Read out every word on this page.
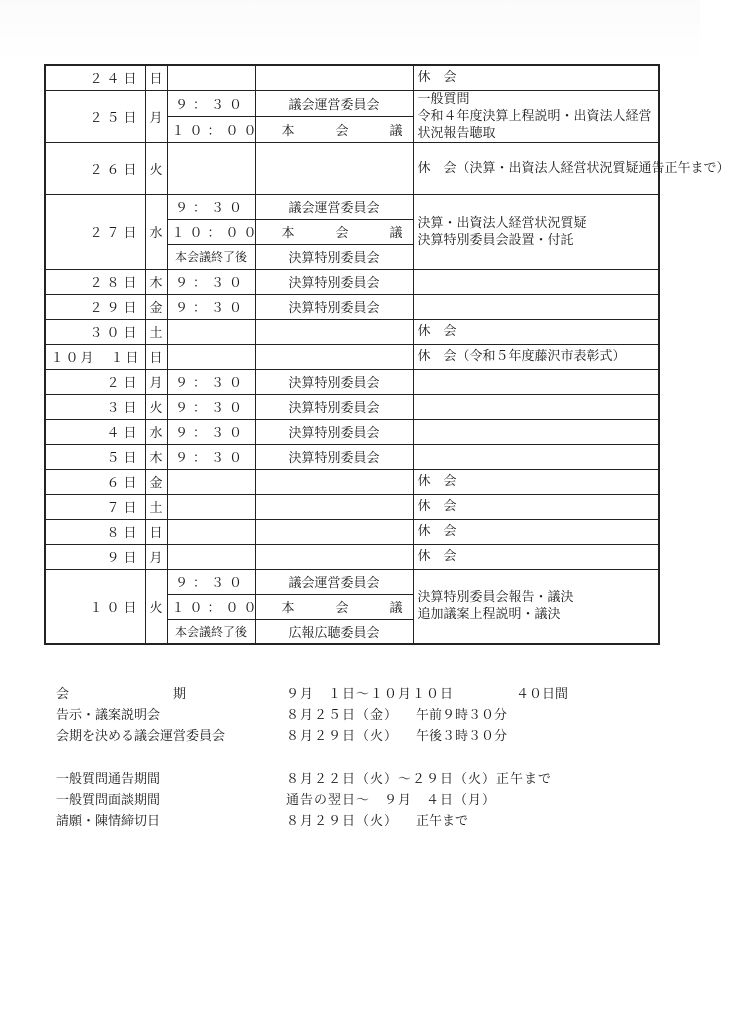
２４日	日			休　会
２５日	月	９：３０	議会運営委員会	一般質問
令和４年度決算上程説明・出資法人経営状況報告聴取

		１０：００	本 会 議	

２６日	火			休　会（決算・出資法人経営状況質疑通告正午まで）
２７日	水	９：３０	議会運営委員会	決算・出資法人経営状況質疑
決算特別委員会設置・付託

		１０：００	本 会 議	

		本会議終了後	決算特別委員会	
２８日	木	９：３０	決算特別委員会	
２９日	金	９：３０	決算特別委員会	
３０日	土			休　会
１０月　１日	日			休　会（令和５年度藤沢市表彰式）
２日	月	９：３０	決算特別委員会	
３日	火	９：３０	決算特別委員会	
４日	水	９：３０	決算特別委員会	
５日	木	９：３０	決算特別委員会	
６日	金			休　会
７日	土			休　会
８日	日			休　会
９日	月			休　会
１０日	火	９：３０	議会運営委員会	決算特別委員会報告・議決
追加議案上程説明・議決

		１０：００	本 会 議	

		本会議終了後	広報広聴委員会	
会	期	９月　１日～１０月１０日	４０日間
告示・議案説明会	８月２５日（金）	午前９時３０分
会期を決める議会運営委員会	８月２９日（火）	午後３時３０分
一般質問通告期間	８月２２日（火）～２９日（火）正午まで
一般質問面談期間	通告の翌日～　９月　４日（月）
請願・陳情締切日	８月２９日（火）	正午まで
